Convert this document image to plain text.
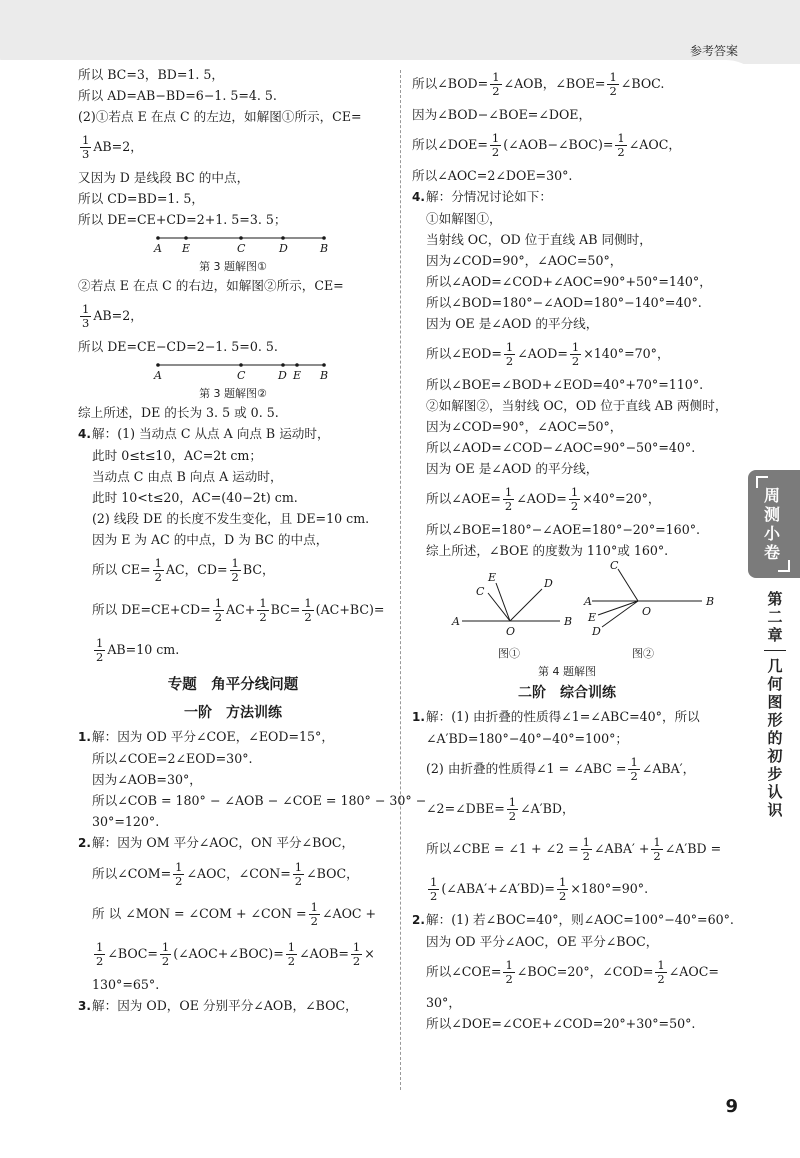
参考答案
所以 BC=3，BD=1. 5，
所以 AD=AB−BD=6−1. 5=4. 5.
(2)①若点 E 在点 C 的左边，如解图①所示，CE=
$\frac{1}{3} AB=2$，
又因为 D 是线段 BC 的中点，
所以 CD=BD=1. 5，
所以 DE=CE+CD=2+1. 5=3. 5；
A E	C	D	B
第 3 题解图①
②若点 E 在点 C 的右边，如解图②所示，CE=
$\frac{1}{3} AB=2$，
所以 DE=CE−CD=2−1. 5=0. 5.
A	C	D E B
第 3 题解图②
综上所述，DE 的长为 3. 5 或 0. 5.
4.解：(1) 当动点 C 从点 A 向点 B 运动时，
此时 0≤t≤10，AC=2t cm；
当动点 C 由点 B 向点 A 运动时，
此时 10<t≤20，AC=(40−2t) cm.
(2) 线段 DE 的长度不发生变化，且 DE=10 cm.
因为 E 为 AC 的中点，D 为 BC 的中点，
所以 $CE= \frac{1}{2}$ AC，$CD= \frac{1}{2}$ BC，
所以 $DE=CE+CD= \frac{1}{2} AC+ \frac{1}{2} BC= \frac{1}{2} (AC+BC)=$
$\frac{1}{2} AB=10$ cm.
专题　角平分线问题
一阶　方法训练
1.解：因为 OD 平分∠COE，∠EOD=15°，
所以∠COE=2∠EOD=30°.
因为∠AOB=30°，
所以∠COB = 180° − ∠AOB − ∠COE = 180° − 30° −
30°=120°.
2.解：因为 OM 平分∠AOC，ON 平分∠BOC，
所以∠COM= $\frac{1}{2}$ ∠AOC，∠CON= $\frac{1}{2}$ ∠BOC，
所 以 ∠MON = ∠COM + ∠CON = $\frac{1}{2}$ ∠AOC +
$\frac{1}{2}$ ∠BOC= $\frac{1}{2}$ (∠AOC+∠BOC)= $\frac{1}{2}$ ∠AOB= $\frac{1}{2}$ ×
130°=65°.
3.解：因为 OD，OE 分别平分∠AOB，∠BOC，
所以∠BOD= $\frac{1}{2}$ ∠AOB，∠BOE= $\frac{1}{2}$ ∠BOC.
因为∠BOD−∠BOE=∠DOE，
所以∠DOE= $\frac{1}{2}$ (∠AOB−∠BOC)= $\frac{1}{2}$ ∠AOC，
所以∠AOC=2∠DOE=30°.
4.解：分情况讨论如下：
①如解图①，
当射线 OC，OD 位于直线 AB 同侧时，
因为∠COD=90°，∠AOC=50°，
所以∠AOD=∠COD+∠AOC=90°+50°=140°，
所以∠BOD=180°−∠AOD=180°−140°=40°.
因为 OE 是∠AOD 的平分线，
所以∠EOD= $\frac{1}{2}$ ∠AOD= $\frac{1}{2} \times 140^\circ=70^\circ$，
所以∠BOE=∠BOD+∠EOD=40°+70°=110°.
②如解图②，当射线 OC，OD 位于直线 AB 两侧时，
因为∠COD=90°，∠AOC=50°，
所以∠AOD=∠COD−∠AOC=90°−50°=40°.
因为 OE 是∠AOD 的平分线，
所以∠AOE= $\frac{1}{2}$ ∠AOD= $\frac{1}{2} \times 40^\circ=20^\circ$，
所以∠BOE=180°−∠AOE=180°−20°=160°.
综上所述，∠BOE 的度数为 110°或 160°.
A	B
O
C
E	D
图①
C
A	B
O
E
D
图②
第 4 题解图
二阶　综合训练
1.解：(1) 由折叠的性质得∠1=∠ABC=40°，所以
∠A′BD=180°−40°−40°=100°；
(2) 由折叠的性质得∠1 = ∠ABC = $\frac{1}{2}$ ∠ABA′，
∠2=∠DBE= $\frac{1}{2}$ ∠A′BD，
所以∠CBE = ∠1 + ∠2 = $\frac{1}{2}$ ∠ABA′ + $\frac{1}{2}$ ∠A′BD =
$\frac{1}{2}$ (∠ABA′+∠A′BD)= $\frac{1}{2} \times 180^\circ=90^\circ$.
2.解：(1) 若∠BOC=40°，则∠AOC=100°−40°=60°.
因为 OD 平分∠AOC，OE 平分∠BOC，
所以∠COE= $\frac{1}{2}$ ∠BOC=20°，∠COD= $\frac{1}{2}$ ∠AOC=
30°，
所以∠DOE=∠COE+∠COD=20°+30°=50°.
周测小卷
第二章
几何图形的初步认识
9
